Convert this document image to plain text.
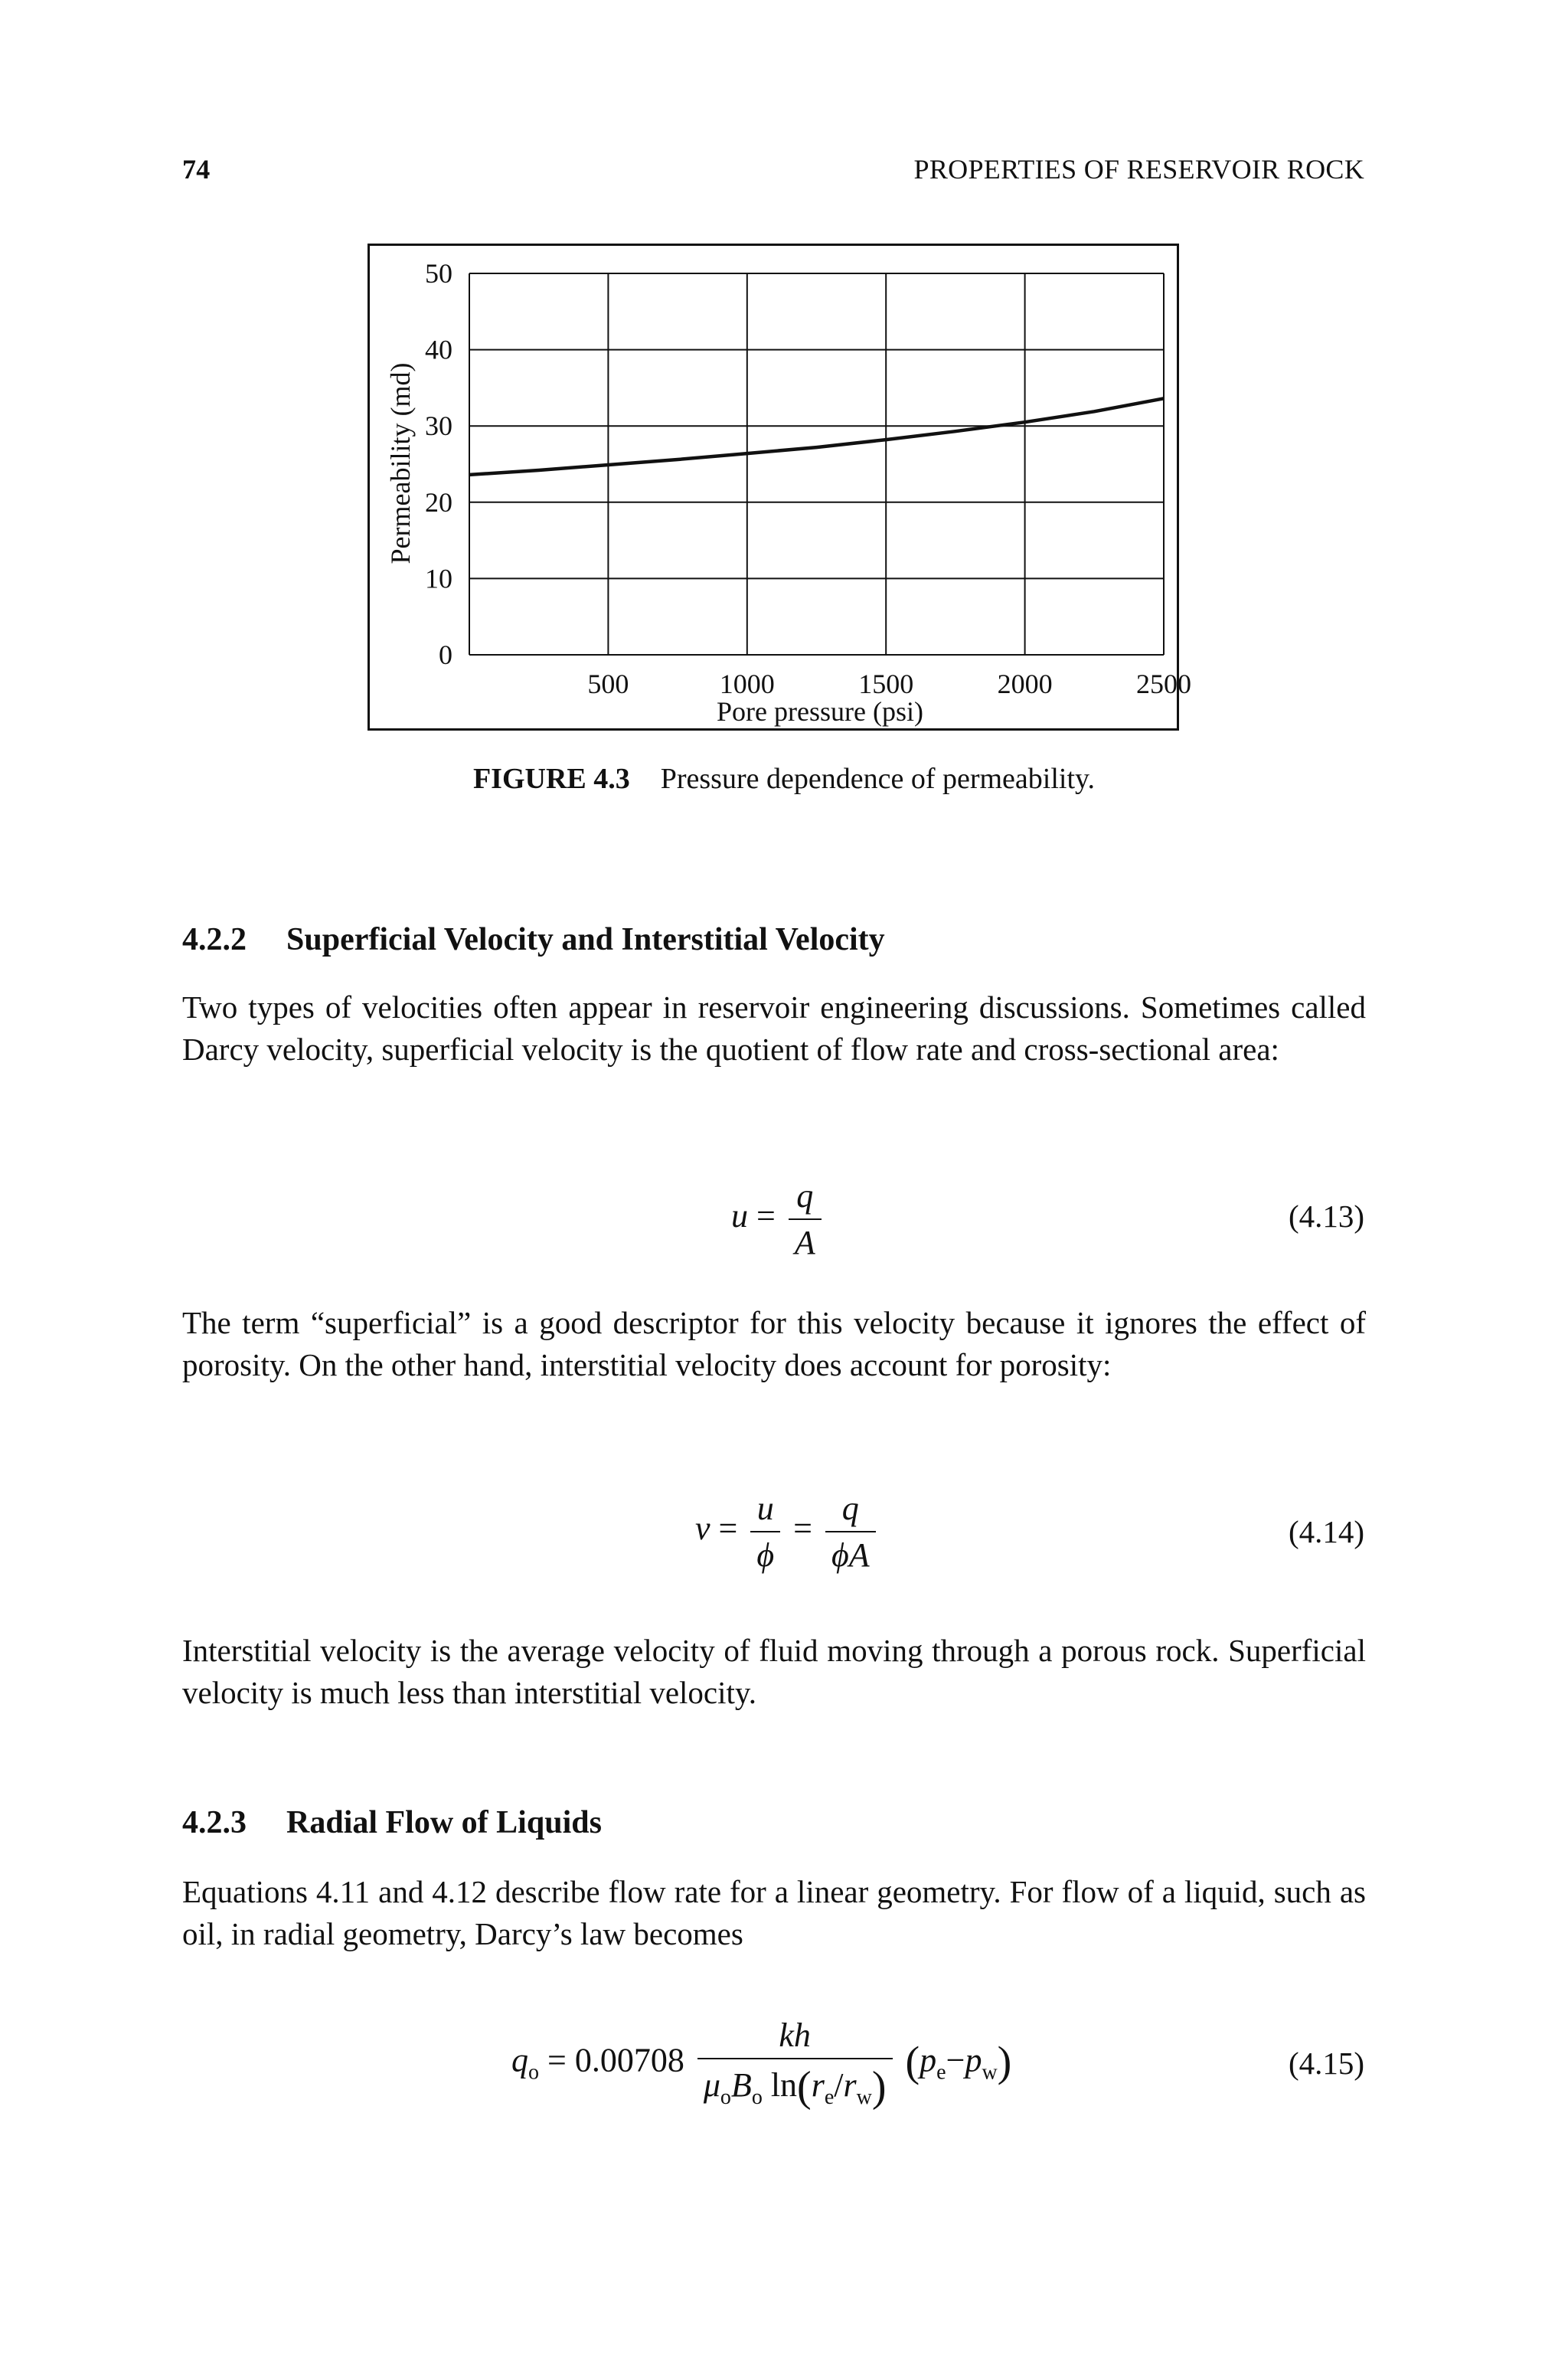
74	PROPERTIES OF RESERVOIR ROCK
0
10
20
30
40
50
500	1000	1500	2000	2500
Pore pressure (psi)
Permeability (md)
FIGURE 4.3 Pressure dependence of permeability.
4.2.2 Superficial Velocity and Interstitial Velocity
Two types of velocities often appear in reservoir engineering discussions. Sometimes called Darcy velocity, superficial velocity is the quotient of flow rate and cross-sectional area:
$u = \frac{q}{A}$	(4.13)
The term “superficial” is a good descriptor for this velocity because it ignores the effect of porosity. On the other hand, interstitial velocity does account for porosity:
$v = \frac{u}{\phi} = \frac{q}{\phi A}$	(4.14)
Interstitial velocity is the average velocity of fluid moving through a porous rock. Superficial velocity is much less than interstitial velocity.
4.2.3 Radial Flow of Liquids
Equations 4.11 and 4.12 describe flow rate for a linear geometry. For flow of a liquid, such as oil, in radial geometry, Darcy’s law becomes
$q_o = 0.00708 \frac{kh}{\mu_oB_o \ln(r_e/r_w)} (p_e-p_w)$	(4.15)
